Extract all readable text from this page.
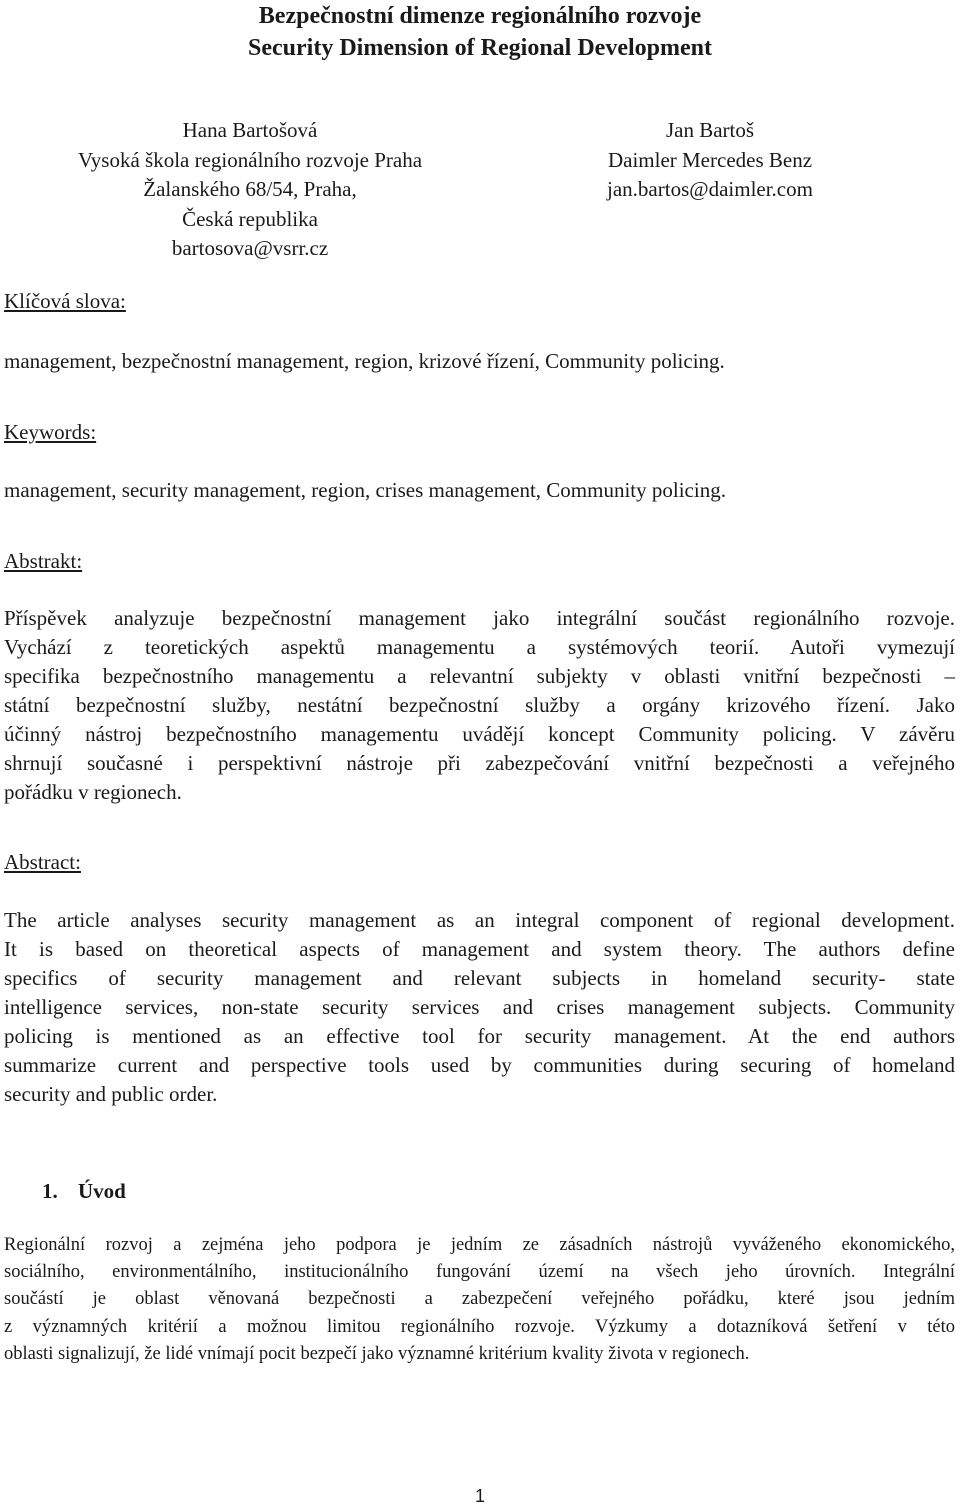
Bezpečnostní dimenze regionálního rozvoje
Security Dimension of Regional Development
Hana Bartošová
Vysoká škola regionálního rozvoje Praha
Žalanského 68/54, Praha,
Česká republika
bartosova@vsrr.cz
Jan Bartoš
Daimler Mercedes Benz
jan.bartos@daimler.com
Klíčová slova:
management, bezpečnostní management, region, krizové řízení, Community policing.
Keywords:
management, security management, region, crises management, Community policing.
Abstrakt:
Příspěvek analyzuje bezpečnostní management jako integrální součást regionálního rozvoje.
Vychází z teoretických aspektů managementu a systémových teorií. Autoři vymezují
specifika bezpečnostního managementu a relevantní subjekty v oblasti vnitřní bezpečnosti –
státní bezpečnostní služby, nestátní bezpečnostní služby a orgány krizového řízení. Jako
účinný nástroj bezpečnostního managementu uvádějí koncept Community policing. V závěru
shrnují současné i perspektivní nástroje při zabezpečování vnitřní bezpečnosti a veřejného
pořádku v regionech.
Abstract:
The article analyses security management as an integral component of regional development.
It is based on theoretical aspects of management and system theory. The authors define
specifics of security management and relevant subjects in homeland security- state
intelligence services, non-state security services and crises management subjects. Community
policing is mentioned as an effective tool for security management. At the end authors
summarize current and perspective tools used by communities during securing of homeland
security and public order.
1. Úvod
Regionální rozvoj a zejména jeho podpora je jedním ze zásadních nástrojů vyváženého ekonomického,
sociálního, environmentálního, institucionálního fungování území na všech jeho úrovních. Integrální
součástí je oblast věnovaná bezpečnosti a zabezpečení veřejného pořádku, které jsou jedním
z významných kritérií a možnou limitou regionálního rozvoje. Výzkumy a dotazníková šetření v této
oblasti signalizují, že lidé vnímají pocit bezpečí jako významné kritérium kvality života v regionech.
1
